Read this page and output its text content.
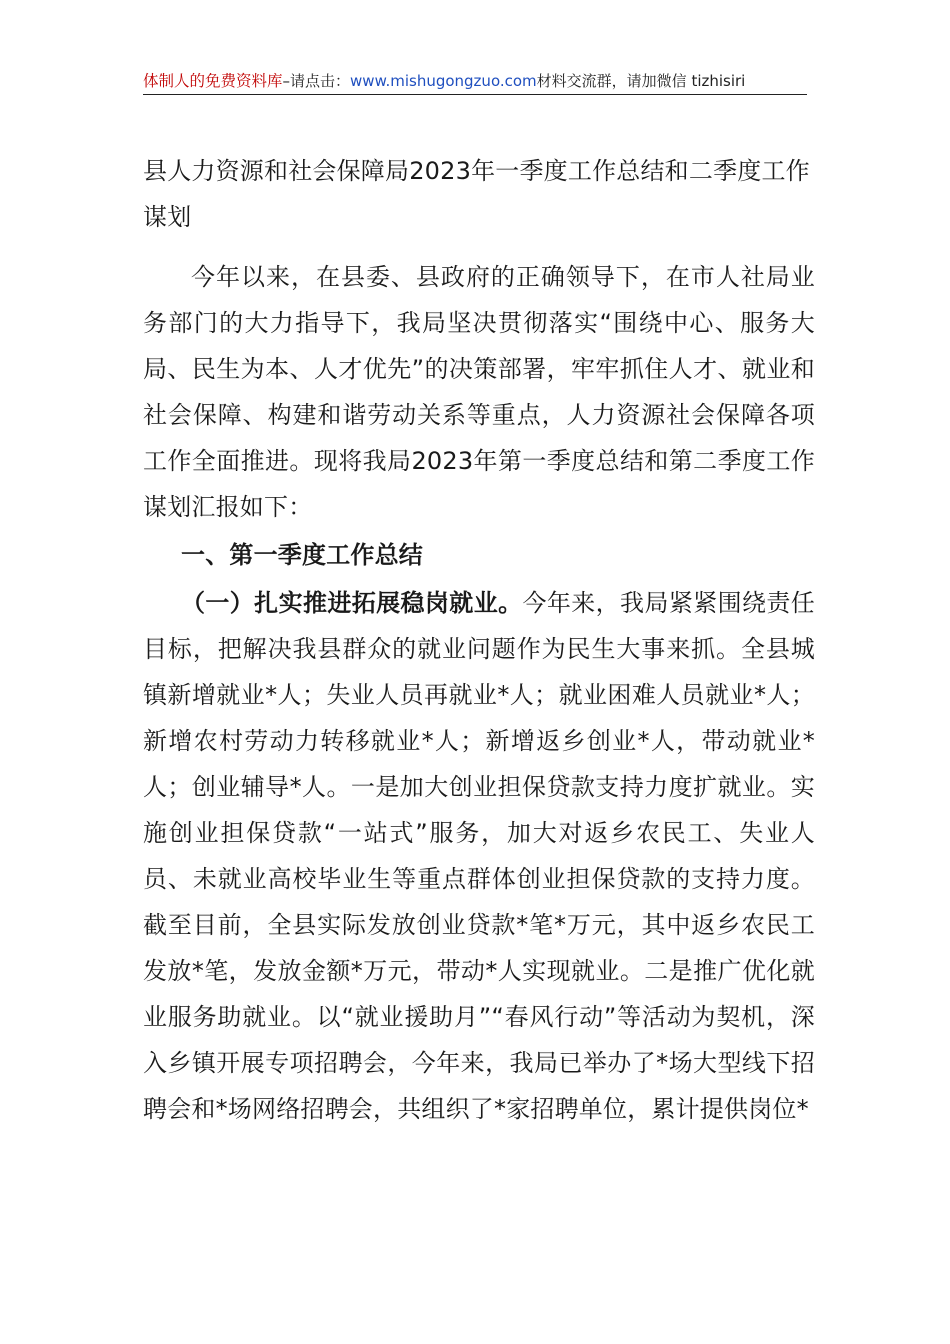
体制人的免费资料库–请点击：www.mishugongzuo.com材料交流群，请加微信 tizhisiri

县人力资源和社会保障局2023年一季度工作总结和二季度工作谋划

今年以来，在县委、县政府的正确领导下，在市人社局业务部门的大力指导下，我局坚决贯彻落实“围绕中心、服务大局、民生为本、人才优先”的决策部署，牢牢抓住人才、就业和社会保障、构建和谐劳动关系等重点，人力资源社会保障各项工作全面推进。现将我局2023年第一季度总结和第二季度工作谋划汇报如下：

一、第一季度工作总结

（一）扎实推进拓展稳岗就业。今年来，我局紧紧围绕责任目标，把解决我县群众的就业问题作为民生大事来抓。全县城镇新增就业*人；失业人员再就业*人；就业困难人员就业*人；新增农村劳动力转移就业*人；新增返乡创业*人，带动就业*人；创业辅导*人。一是加大创业担保贷款支持力度扩就业。实施创业担保贷款“一站式”服务，加大对返乡农民工、失业人员、未就业高校毕业生等重点群体创业担保贷款的支持力度。截至目前，全县实际发放创业贷款*笔*万元，其中返乡农民工发放*笔，发放金额*万元，带动*人实现就业。二是推广优化就业服务助就业。以“就业援助月”“春风行动”等活动为契机，深入乡镇开展专项招聘会，今年来，我局已举办了*场大型线下招聘会和*场网络招聘会，共组织了*家招聘单位，累计提供岗位*
